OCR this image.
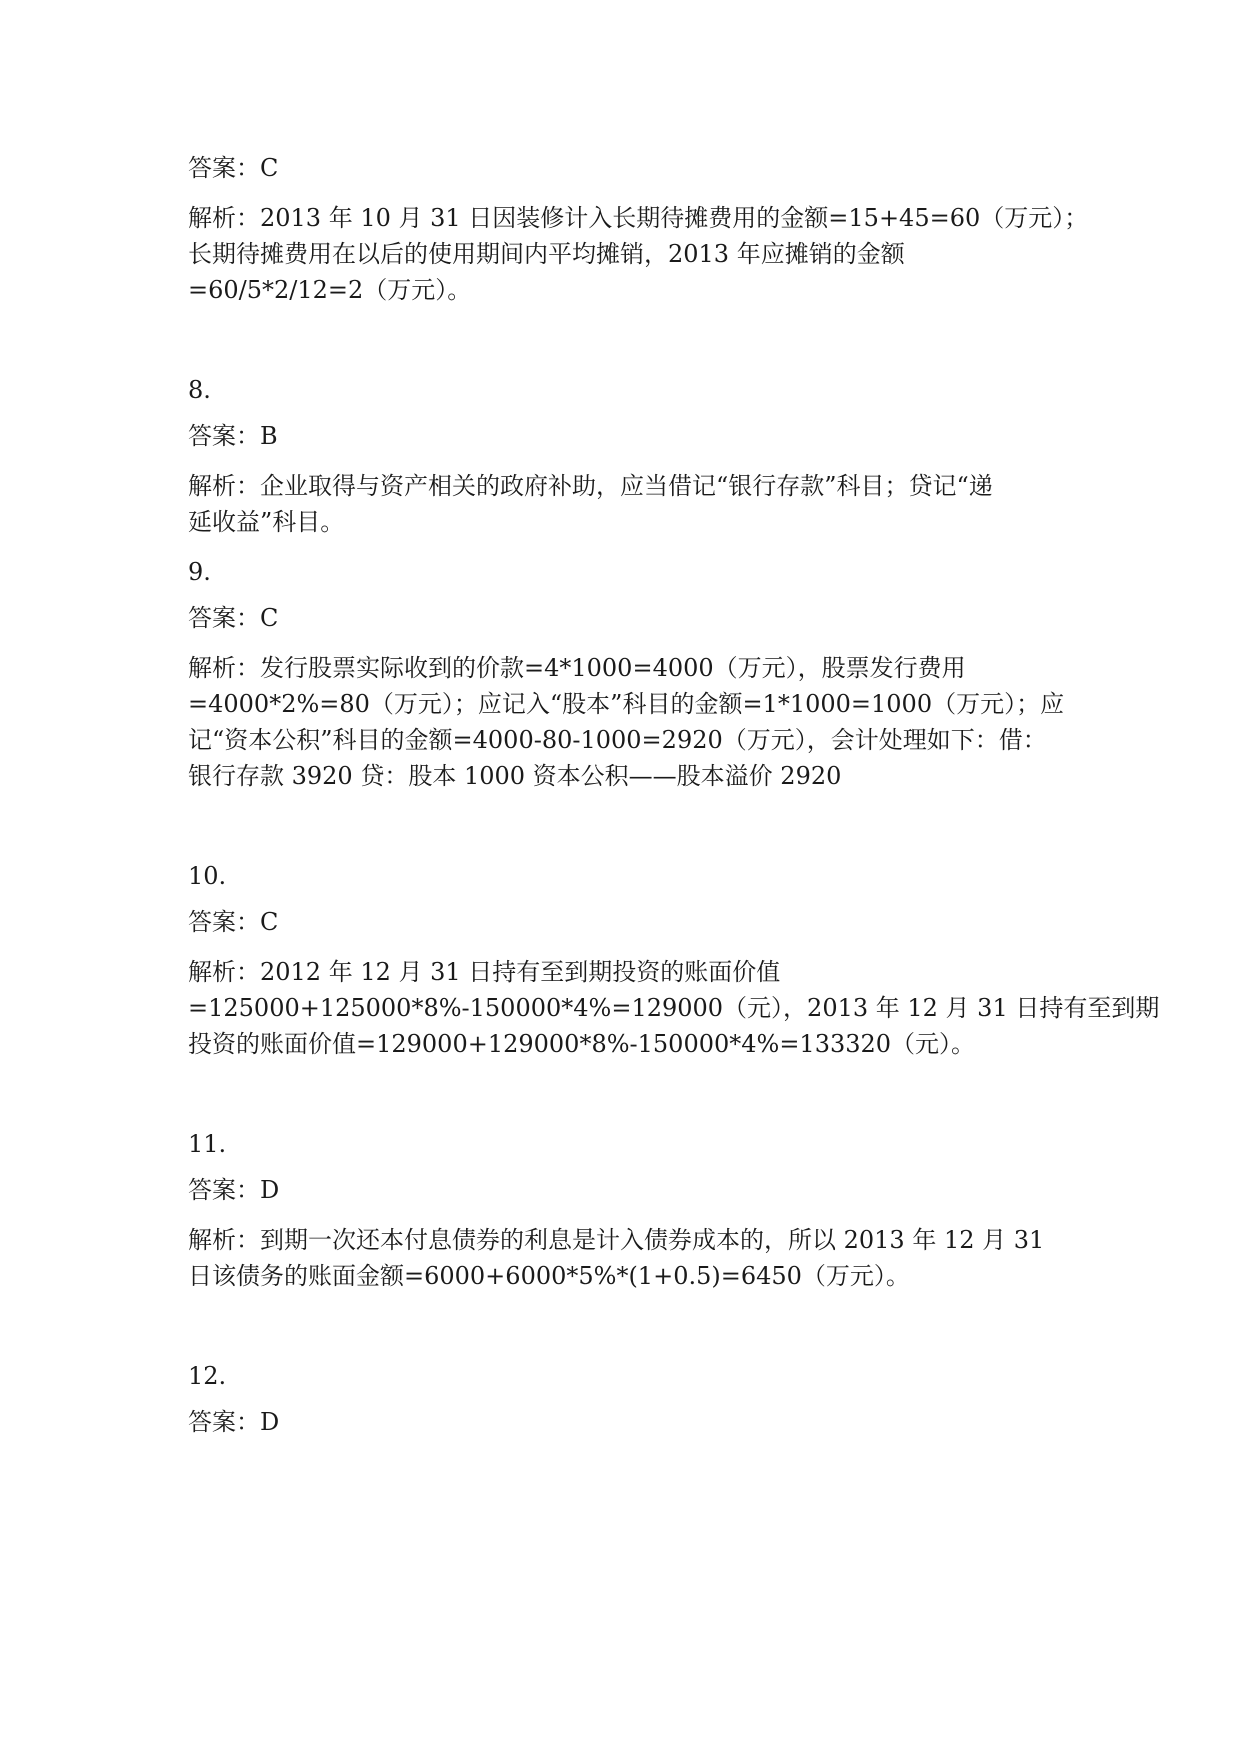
答案：C

解析：2013 年 10 月 31 日因装修计入长期待摊费用的金额=15+45=60（万元）；

长期待摊费用在以后的使用期间内平均摊销，2013 年应摊销的金额

=60/5*2/12=2（万元）。

8.

答案：B

解析：企业取得与资产相关的政府补助，应当借记“银行存款”科目；贷记“递

延收益”科目。

9.

答案：C

解析：发行股票实际收到的价款=4*1000=4000（万元），股票发行费用

=4000*2%=80（万元）；应记入“股本”科目的金额=1*1000=1000（万元）；应

记“资本公积”科目的金额=4000-80-1000=2920（万元），会计处理如下：借：

银行存款 3920 贷：股本 1000 资本公积——股本溢价 2920

10.

答案：C

解析：2012 年 12 月 31 日持有至到期投资的账面价值

=125000+125000*8%-150000*4%=129000（元），2013 年 12 月 31 日持有至到期

投资的账面价值=129000+129000*8%-150000*4%=133320（元）。

11.

答案：D

解析：到期一次还本付息债券的利息是计入债券成本的，所以 2013 年 12 月 31

日该债务的账面金额=6000+6000*5%*(1+0.5)=6450（万元）。

12.

答案：D
